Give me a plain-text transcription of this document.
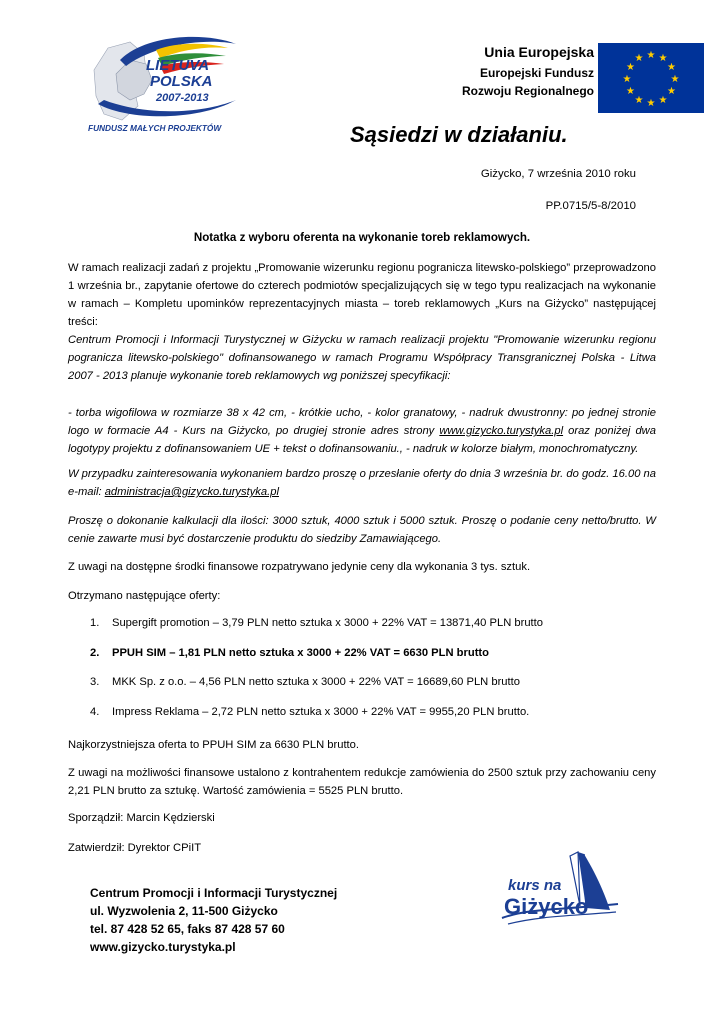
LIETUVA
POLSKA
2007-2013
FUNDUSZ MAŁYCH PROJEKTÓW
Unia Europejska
Europejski Fundusz
Rozwoju Regionalnego
★ ★
★
★
★
★
★
★
★
★
★
★
Sąsiedzi w działaniu.
Giżycko, 7 września 2010 roku
PP.0715/5-8/2010
Notatka z wyboru oferenta na wykonanie toreb reklamowych.
W ramach realizacji zadań z projektu „Promowanie wizerunku regionu pogranicza litewsko-polskiego” przeprowadzono 1 września br., zapytanie ofertowe do czterech podmiotów specjalizujących się w tego typu realizacjach na wykonanie w ramach – Kompletu upominków reprezentacyjnych miasta – toreb reklamowych „Kurs na Giżycko” następującej treści:
Centrum Promocji i Informacji Turystycznej w Giżycku w ramach realizacji projektu "Promowanie wizerunku regionu pogranicza litewsko-polskiego" dofinansowanego w ramach Programu Współpracy Transgranicznej Polska - Litwa 2007 - 2013 planuje wykonanie toreb reklamowych wg poniższej specyfikacji:
- torba wigofilowa w rozmiarze 38 x 42 cm, - krótkie ucho, - kolor granatowy, - nadruk dwustronny: po jednej stronie logo w formacie A4 - Kurs na Giżycko, po drugiej stronie adres strony www.gizycko.turystyka.pl oraz poniżej dwa logotypy projektu z dofinansowaniem UE + tekst o dofinansowaniu., - nadruk w kolorze białym, monochromatyczny.
W przypadku zainteresowania wykonaniem bardzo proszę o przesłanie oferty do dnia 3 września br. do godz. 16.00 na e-mail: administracja@gizycko.turystyka.pl
Proszę o dokonanie kalkulacji dla ilości: 3000 sztuk, 4000 sztuk i 5000 sztuk. Proszę o podanie ceny netto/brutto. W cenie zawarte musi być dostarczenie produktu do siedziby Zamawiającego.
Z uwagi na dostępne środki finansowe rozpatrywano jedynie ceny dla wykonania 3 tys. sztuk.
Otrzymano następujące oferty:
1. Supergift promotion – 3,79 PLN netto sztuka x 3000 + 22% VAT = 13871,40 PLN brutto
2. PPUH SIM – 1,81 PLN netto sztuka x 3000 + 22% VAT = 6630 PLN brutto
3. MKK Sp. z o.o. – 4,56 PLN netto sztuka x 3000 + 22% VAT = 16689,60 PLN brutto
4. Impress Reklama – 2,72 PLN netto sztuka x 3000 + 22% VAT = 9955,20 PLN brutto.
Najkorzystniejsza oferta to PPUH SIM za 6630 PLN brutto.
Z uwagi na możliwości finansowe ustalono z kontrahentem redukcje zamówienia do 2500 sztuk przy zachowaniu ceny 2,21 PLN brutto za sztukę. Wartość zamówienia = 5525 PLN brutto.
Sporządził: Marcin Kędzierski
Zatwierdził: Dyrektor CPiIT
Centrum Promocji i Informacji Turystycznej
ul. Wyzwolenia 2, 11-500 Giżycko
tel. 87 428 52 65, faks 87 428 57 60
www.gizycko.turystyka.pl
kurs na
Giżycko
